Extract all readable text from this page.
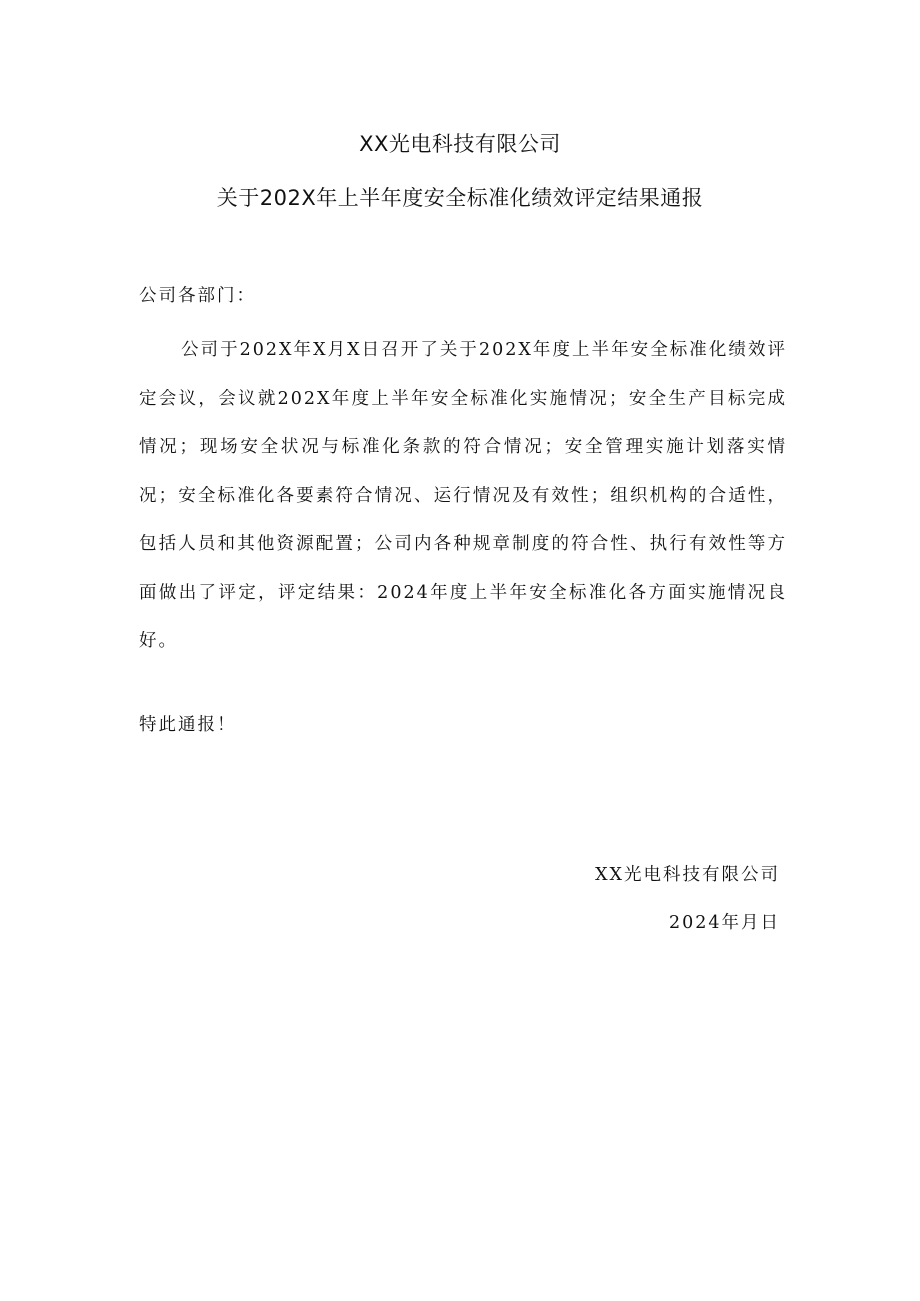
XX光电科技有限公司
关于202X年上半年度安全标准化绩效评定结果通报
公司各部门：

公司于202X年X月X日召开了关于202X年度上半年安全标准化绩效评定会议，会议就202X年度上半年安全标准化实施情况；安全生产目标完成情况；现场安全状况与标准化条款的符合情况；安全管理实施计划落实情况；安全标准化各要素符合情况、运行情况及有效性；组织机构的合适性，包括人员和其他资源配置；公司内各种规章制度的符合性、执行有效性等方面做出了评定，评定结果：2024年度上半年安全标准化各方面实施情况良好。

特此通报！
XX光电科技有限公司
2024年月日
